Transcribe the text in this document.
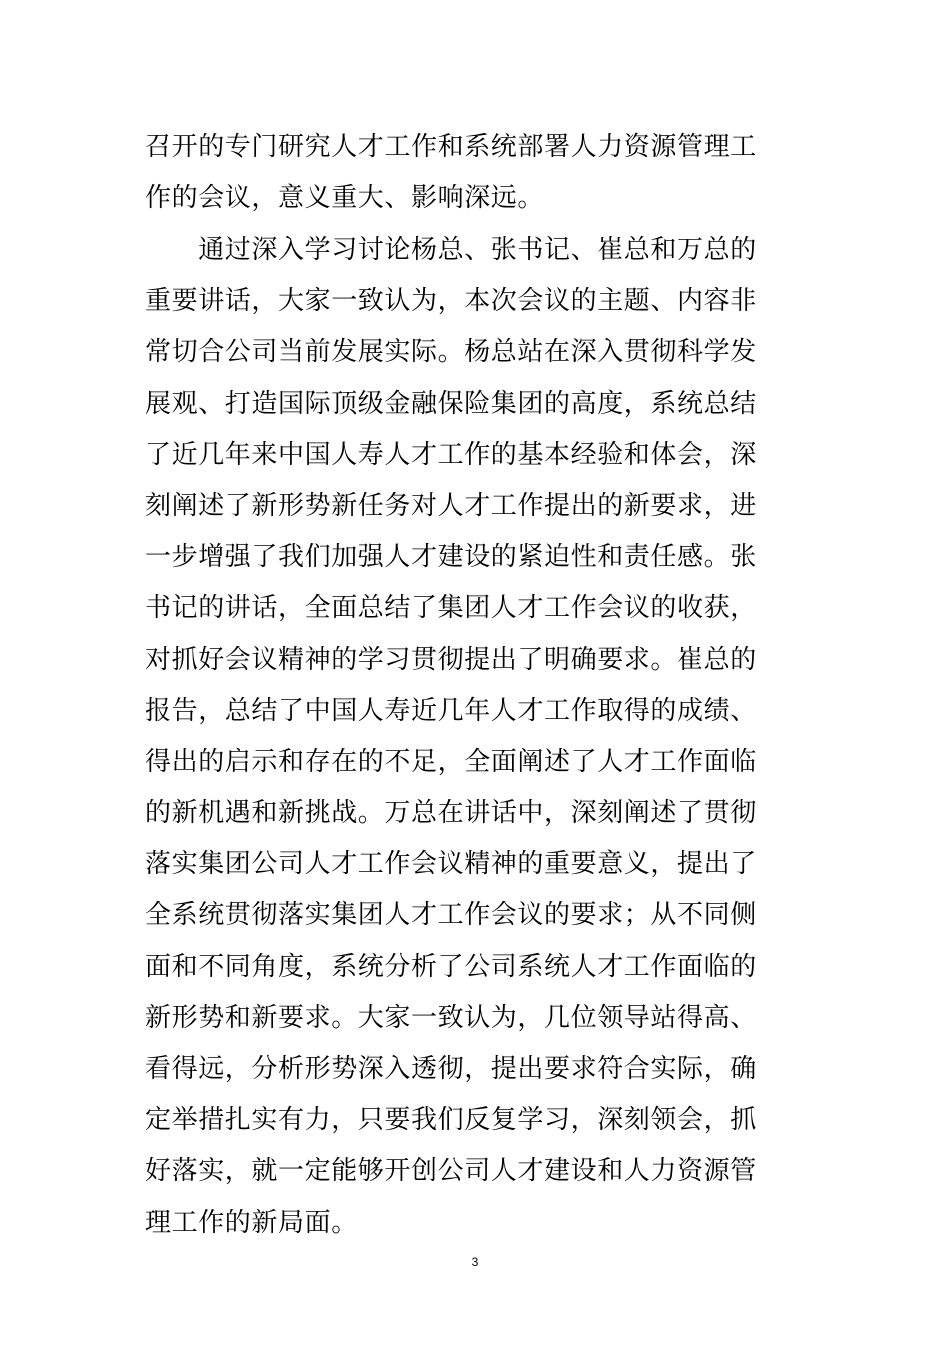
召开的专门研究人才工作和系统部署人力资源管理工
作的会议，意义重大、影响深远。
　　通过深入学习讨论杨总、张书记、崔总和万总的
重要讲话，大家一致认为，本次会议的主题、内容非
常切合公司当前发展实际。杨总站在深入贯彻科学发
展观、打造国际顶级金融保险集团的高度，系统总结
了近几年来中国人寿人才工作的基本经验和体会，深
刻阐述了新形势新任务对人才工作提出的新要求，进
一步增强了我们加强人才建设的紧迫性和责任感。张
书记的讲话，全面总结了集团人才工作会议的收获，
对抓好会议精神的学习贯彻提出了明确要求。崔总的
报告，总结了中国人寿近几年人才工作取得的成绩、
得出的启示和存在的不足，全面阐述了人才工作面临
的新机遇和新挑战。万总在讲话中，深刻阐述了贯彻
落实集团公司人才工作会议精神的重要意义，提出了
全系统贯彻落实集团人才工作会议的要求；从不同侧
面和不同角度，系统分析了公司系统人才工作面临的
新形势和新要求。大家一致认为，几位领导站得高、
看得远，分析形势深入透彻，提出要求符合实际，确
定举措扎实有力，只要我们反复学习，深刻领会，抓
好落实，就一定能够开创公司人才建设和人力资源管
理工作的新局面。
3
